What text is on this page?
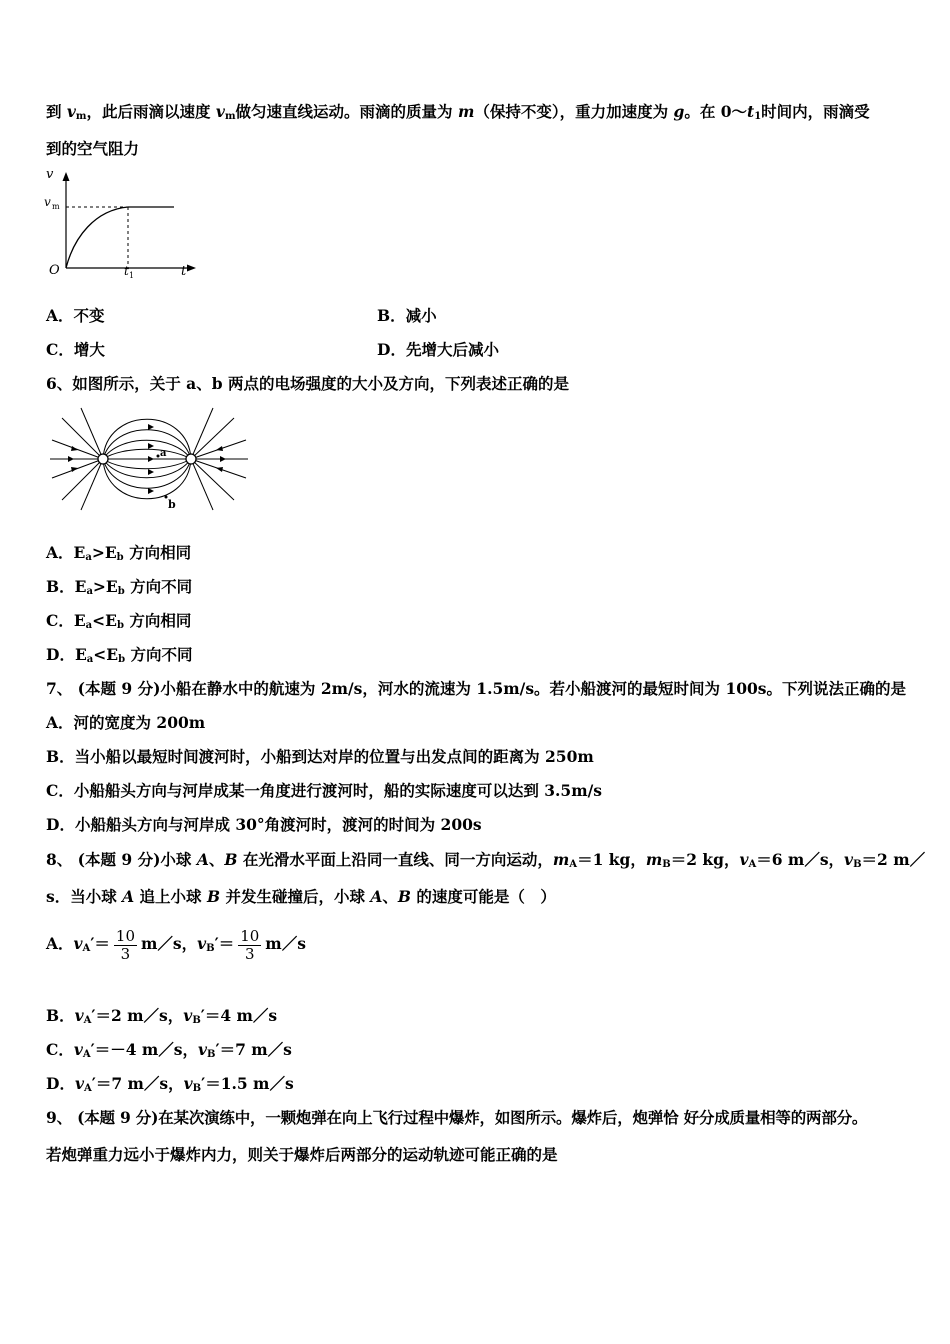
到 $v_m$，此后雨滴以速度 $v_m$做匀速直线运动。雨滴的质量为 m（保持不变），重力加速度为 g。在 $0\sim t_1$时间内，雨滴受
到的空气阻力
v
v m
O	t 1	t
A．不变	B．减小
C．增大	D．先增大后减小
6、如图所示，关于 a、b 两点的电场强度的大小及方向，下列表述正确的是
a
b
A．$E_a>E_b$ 方向相同
B．$E_a>E_b$ 方向不同
C．$E_a<E_b$ 方向相同
D．$E_a<E_b$ 方向不同
7、 (本题 9 分)小船在静水中的航速为 2m/s，河水的流速为 1.5m/s。若小船渡河的最短时间为 100s。下列说法正确的是
A．河的宽度为 200m
B．当小船以最短时间渡河时，小船到达对岸的位置与出发点间的距离为 250m
C．小船船头方向与河岸成某一角度进行渡河时，船的实际速度可以达到 3.5m/s
D．小船船头方向与河岸成 30°角渡河时，渡河的时间为 200s
8、 (本题 9 分)小球 A、B 在光滑水平面上沿同一直线、同一方向运动，$m_A=1$ kg，$m_B=2$ kg，$v_A=6$ m／s，$v_B=2$ m／
s．当小球 A 追上小球 B 并发生碰撞后，小球 A、B 的速度可能是（　）
A．$v_A'= \frac{10}{3}$ m／s，$v_B'= \frac{10}{3}$ m／s
B．$v_A'=2$ m／s，$v_B'=4$ m／s
C．$v_A'=-4$ m／s，$v_B'=7$ m／s
D．$v_A'=7$ m／s，$v_B'=1.5$ m／s
9、 (本题 9 分)在某次演练中，一颗炮弹在向上飞行过程中爆炸，如图所示。爆炸后，炮弹恰 好分成质量相等的两部分。
若炮弹重力远小于爆炸内力，则关于爆炸后两部分的运动轨迹可能正确的是
